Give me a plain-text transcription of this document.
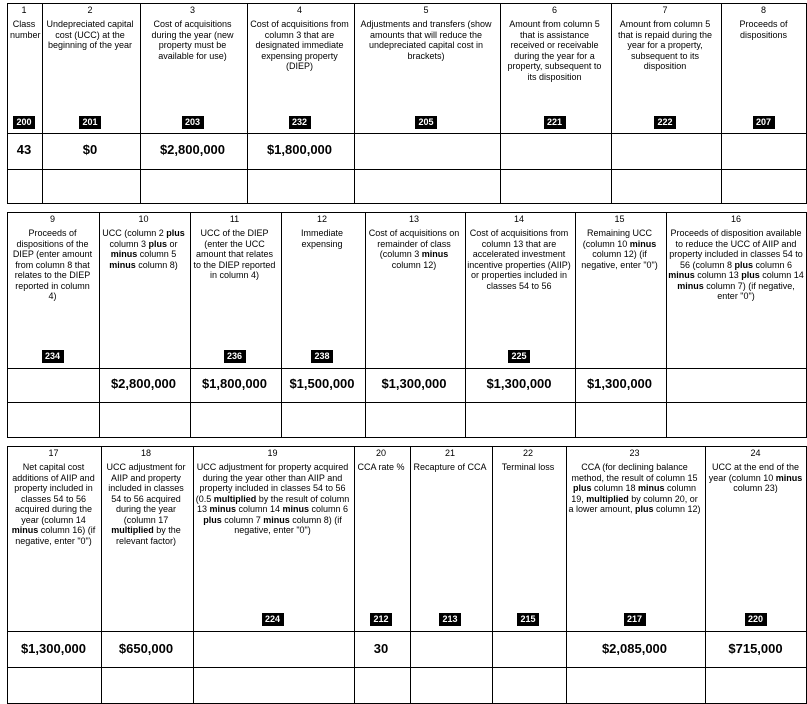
1
Class number
200
43
2
Undepreciated capital cost (UCC) at the beginning of the year
201
$0
3
Cost of acquisitions during the year (new property must be available for use)
203
$2,800,000
4
Cost of acquisitions from column 3 that are designated immediate expensing property (DIEP)
232
$1,800,000
5
Adjustments and transfers (show amounts that will reduce the undepreciated capital cost in brackets)
205
6
Amount from column 5 that is assistance received or receivable during the year for a property, subsequent to its disposition
221
7
Amount from column 5 that is repaid during the year for a property, subsequent to its disposition
222
8
Proceeds of dispositions
207
9
Proceeds of dispositions of the DIEP (enter amount from column 8 that relates to the DIEP reported in column 4)
234
10
UCC (column 2 plus column 3 plus or minus column 5 minus column 8)
$2,800,000
11
UCC of the DIEP (enter the UCC amount that relates to the DIEP reported in column 4)
236
$1,800,000
12
Immediate expensing
238
$1,500,000
13
Cost of acquisitions on remainder of class (column 3 minus column 12)
$1,300,000
14
Cost of acquisitions from column 13 that are accelerated investment incentive properties (AIIP) or properties included in classes 54 to 56
225
$1,300,000
15
Remaining UCC (column 10 minus column 12) (if negative, enter "0")
$1,300,000
16
Proceeds of disposition available to reduce the UCC of AIIP and property included in classes 54 to 56 (column 8 plus column 6 minus column 13 plus column 14 minus column 7) (if negative, enter "0")
17
Net capital cost additions of AIIP and property included in classes 54 to 56 acquired during the year (column 14 minus column 16) (if negative, enter "0")
$1,300,000
18
UCC adjustment for AIIP and property included in classes 54 to 56 acquired during the year (column 17 multiplied by the relevant factor)
$650,000
19
UCC adjustment for property acquired during the year other than AIIP and property included in classes 54 to 56 (0.5 multiplied by the result of column 13 minus column 14 minus column 6 plus column 7 minus column 8) (if negative, enter "0")
224
20
CCA rate %
212
30
21
Recapture of CCA
213
22
Terminal loss
215
23
CCA (for declining balance method, the result of column 15 plus column 18 minus column 19, multiplied by column 20, or a lower amount, plus column 12)
217
$2,085,000
24
UCC at the end of the year (column 10 minus column 23)
220
$715,000
